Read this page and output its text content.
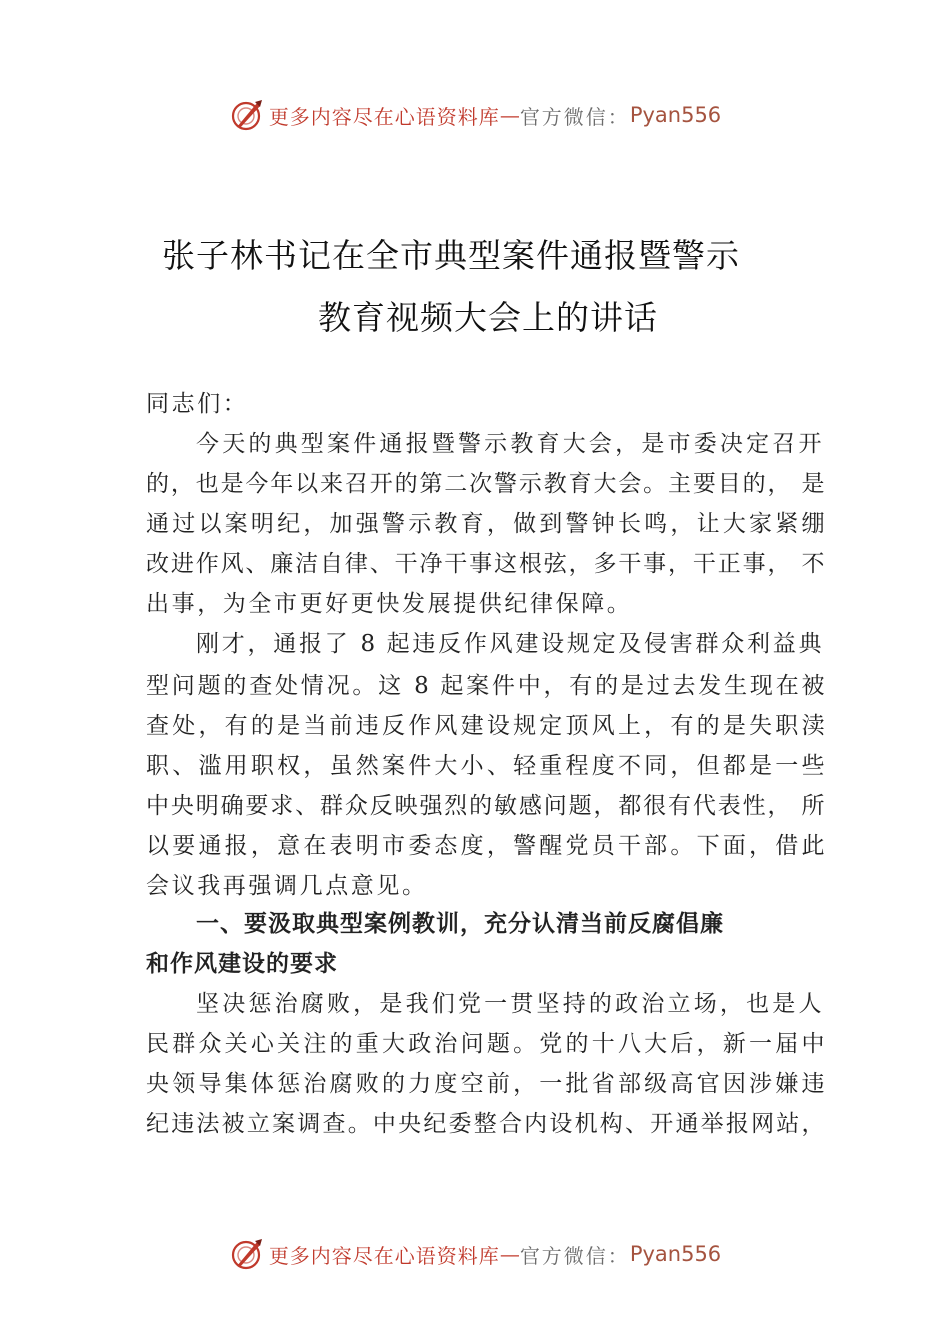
更多内容尽在心语资料库 — 官方微信： Pyan556
张子林书记在全市典型案件通报暨警示
教育视频大会上的讲话
同志们：
今天的典型案件通报暨警示教育大会，是市委决定召开
的，也是今年以来召开的第二次警示教育大会。主要目的， 是
通过以案明纪，加强警示教育，做到警钟长鸣，让大家紧绷
改进作风、廉洁自律、干净干事这根弦，多干事，干正事， 不
出事，为全市更好更快发展提供纪律保障。
刚才，通报了 8 起违反作风建设规定及侵害群众利益典
型问题的查处情况。这 8 起案件中，有的是过去发生现在被
查处，有的是当前违反作风建设规定顶风上，有的是失职渎
职、滥用职权，虽然案件大小、轻重程度不同，但都是一些
中央明确要求、群众反映强烈的敏感问题，都很有代表性， 所
以要通报，意在表明市委态度，警醒党员干部。下面，借此
会议我再强调几点意见。
一、要汲取典型案例教训，充分认清当前反腐倡廉
和作风建设的要求
坚决惩治腐败，是我们党一贯坚持的政治立场，也是人
民群众关心关注的重大政治问题。党的十八大后，新一届中
央领导集体惩治腐败的力度空前，一批省部级高官因涉嫌违
纪违法被立案调查。中央纪委整合内设机构、开通举报网站，
更多内容尽在心语资料库 — 官方微信： Pyan556
